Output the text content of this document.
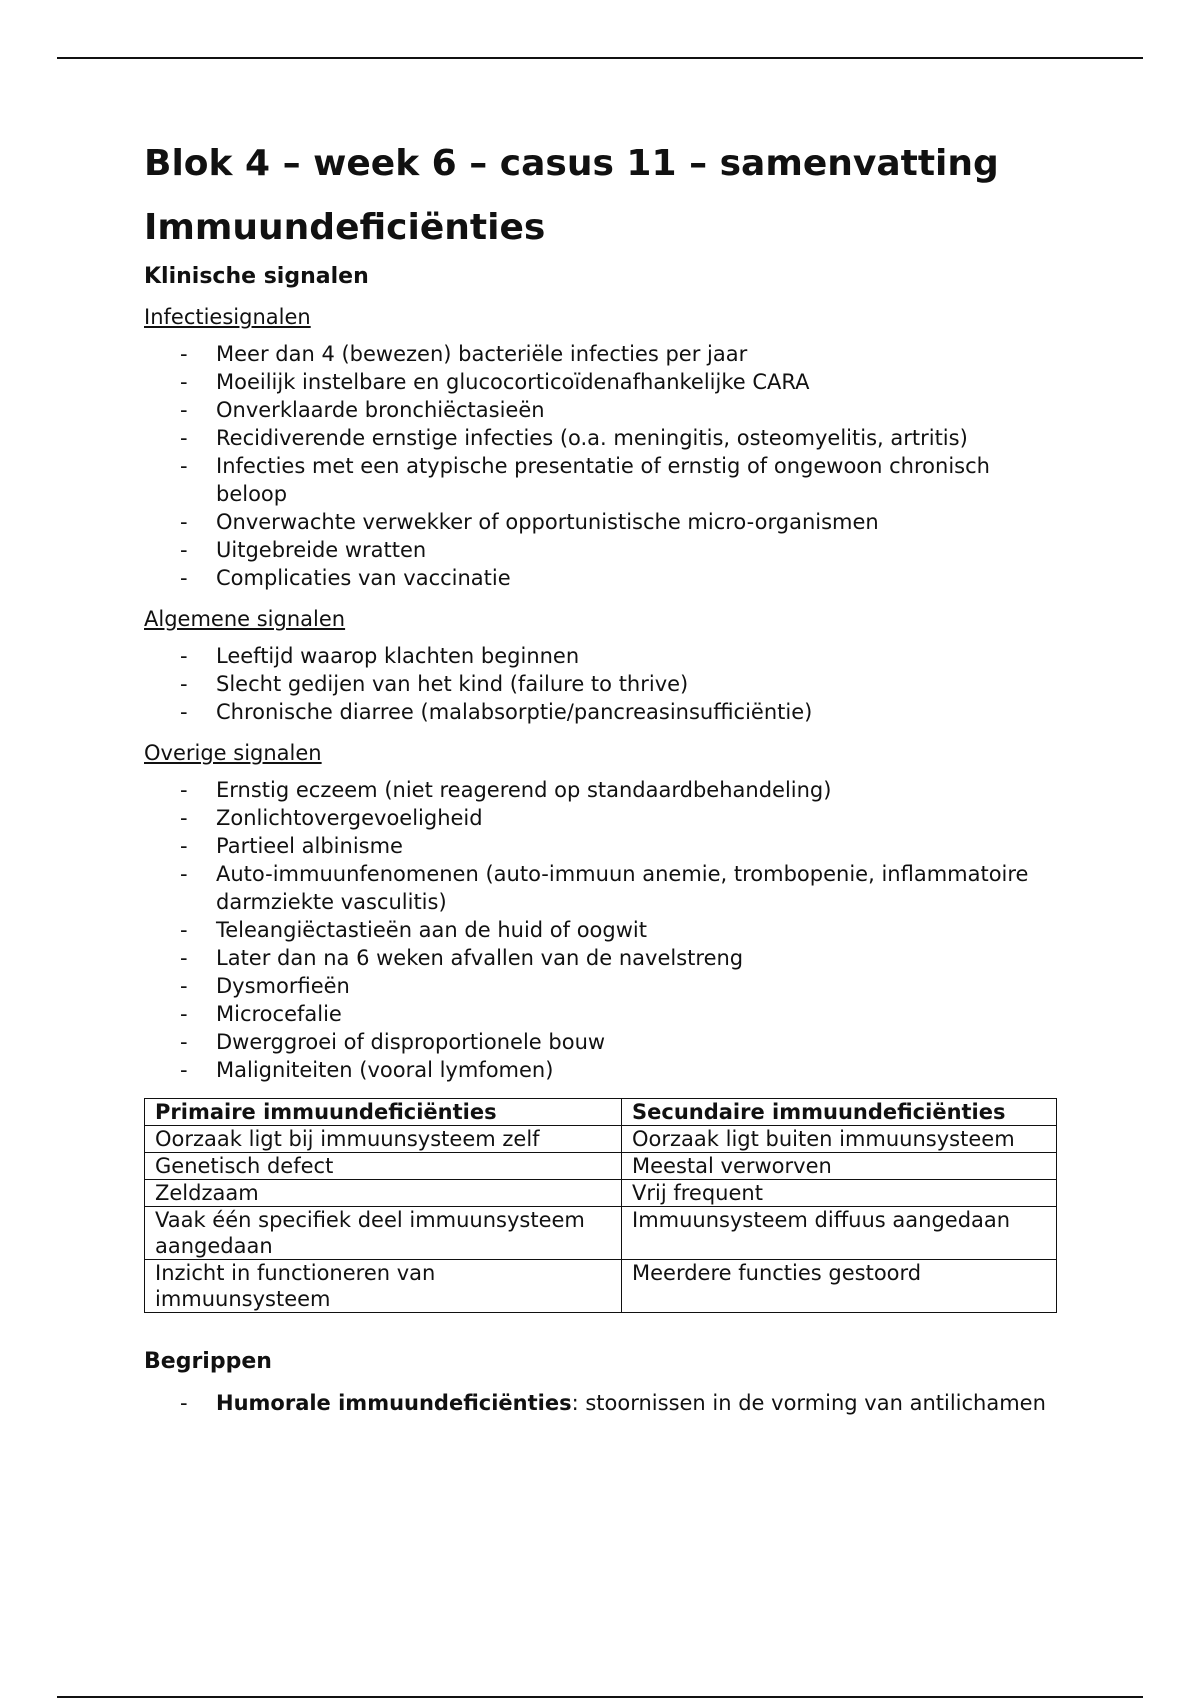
Blok 4 – week 6 – casus 11 – samenvatting
Immuundeficiënties
Klinische signalen
Infectiesignalen
- Meer dan 4 (bewezen) bacteriële infecties per jaar
- Moeilijk instelbare en glucocorticoïdenafhankelijke CARA
- Onverklaarde bronchiëctasieën
- Recidiverende ernstige infecties (o.a. meningitis, osteomyelitis, artritis)
- Infecties met een atypische presentatie of ernstig of ongewoon chronisch beloop
- Onverwachte verwekker of opportunistische micro-organismen
- Uitgebreide wratten
- Complicaties van vaccinatie
Algemene signalen
- Leeftijd waarop klachten beginnen
- Slecht gedijen van het kind (failure to thrive)
- Chronische diarree (malabsorptie/pancreasinsufficiëntie)
Overige signalen
- Ernstig eczeem (niet reagerend op standaardbehandeling)
- Zonlichtovergevoeligheid
- Partieel albinisme
- Auto-immuunfenomenen (auto-immuun anemie, trombopenie, inflammatoire darmziekte vasculitis)
- Teleangiëctastieën aan de huid of oogwit
- Later dan na 6 weken afvallen van de navelstreng
- Dysmorfieën
- Microcefalie
- Dwerggroei of disproportionele bouw
- Maligniteiten (vooral lymfomen)
Primaire immuundeficiënties	Secundaire immuundeficiënties
Oorzaak ligt bij immuunsysteem zelf	Oorzaak ligt buiten immuunsysteem
Genetisch defect	Meestal verworven
Zeldzaam	Vrij frequent
Vaak één specifiek deel immuunsysteem aangedaan	Immuunsysteem diffuus aangedaan
Inzicht in functioneren van immuunsysteem	Meerdere functies gestoord
Begrippen
- Humorale immuundeficiënties: stoornissen in de vorming van antilichamen
